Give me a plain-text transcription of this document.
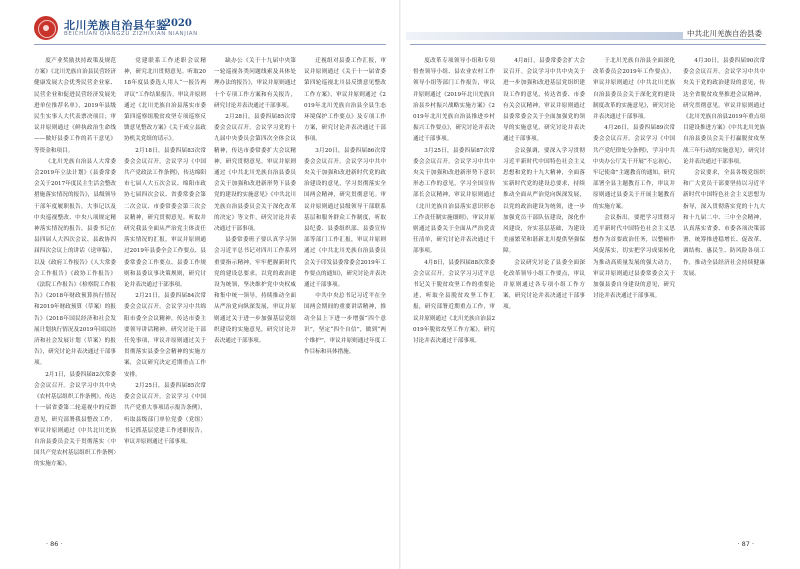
北川羌族自治县年鉴
2020
BEICHUAN QIANGZU ZIZHIXIAN NIANJIAN	中共北川羌族自治县委

度产业奖励扶持政策及规范方案》《北川羌族自治县民营经济健康发展大会优秀民营企业家、民营企业和促进民营经济发展先进单位推荐名单》，2019年县级民生实事人大代表票决项目；审议并原则通过《鲜执政治生命线——做好县委工作的若干意见》等资金和项目。

《北川羌族自治县人大常委会2019年立法计划》《县委常委会关于2017年度民主生活会整改措施落实情况的报告》，县级领导干部年度履职报告，大事记以及中央巡视整改、中央八项规定精神落实情况的报告，县委书记在县四届人大四次会议、县政协四届四次会议上的讲话（送审稿），以及《政府工作报告》《人大常委会工作报告》《政协工作报告》《法院工作报告》《检察院工作报告》《2018年财政预算执行情况和2019年财政预算（草案）的报告》《2018年国民经济和社会发展计划执行情况及2019年国民经济和社会发展计划（草案）的报告》，研究讨论并表决通过干部事项。

2月1日，县委四届82次常委会会议召开。会议学习中共中央《农村基层组织工作条例》，传达十一届省委第二轮巡视中的反馈意见，研究部署我县整改工作，审议并原则通过《中共北川羌族自治县委员会关于贯彻落实〈中国共产党农村基层组织工作条例〉的实施方案》。

党建联系工作述职会议精神，研究北川贯彻意见。听取2018年度县委选人用人“一报告两评议”工作结果报告。审议并原则通过《北川羌族自治县落实市委第四巡察组脱贫攻坚专项巡察反馈意见整改方案》《关于成立县政协机关党组的请示》。

2月18日，县委四届83次常委会会议召开。会议学习《中国共产党政法工作条例》，传达绵阳市七届人大五次会议、绵阳市政协七届四次会议、省委常委会第二次会议、市委常委会第三次会议精神，研究贯彻意见。听取并研究我县全面从严治党主体责任落实情况的汇报，审议并原则通过2019年县委全会工作要点、县委常委会工作要点、县委工作规则和县委议事决策规则，研究讨论并表决通过干部事项。

2月21日，县委四届84次常委会会议召开。会议学习中共绵阳市委全会议精神，传达市委主要领导讲话精神，研究讨论干部任免事项，审议并原则通过关于贯彻落实县委全会精神的实施方案，会议研究决定近期重点工作安排。

2月25日，县委四届85次常委会会议召开。会议学习《中国共产党重大事项请示报告条例》，听取县级部门单位党委（党组）书记抓基层党建工作述职报告，审议并原则通过干部事项。

缺办公《关于十九届中央第一轮巡视各类问题线索及具体处理办法的报告》，审议并原则通过十个专项工作方案和有关报告，研究讨论并表决通过干部事项。

2月28日，县委四届85次常委会会议召开。会议学习党的十九届中央委员会第四次全体会议精神，传达市委常委扩大会议精神，研究贯彻意见。审议并原则通过《中共北川羌族自治县委员会关于加强和改进新形势下县委党的建设的实施意见》《中共北川羌族自治县委员会关于深化改革的决定》等文件，研究讨论并表决通过干部事项。

县委常委班子要认真学习领会习近平总书记对四川工作系列重要指示精神，牢牢把握新时代党的建设总要求，以党的政治建设为统领，坚决维护党中央权威和集中统一领导，持续推动全面从严治党向纵深发展，审议并原则通过关于进一步加强基层党组织建设的实施意见，研究讨论并表决通过干部事项。

迁视组对县委工作汇报，审议并原则通过《关于十一届省委第四轮巡视北川县反馈意见整改工作方案》，审议并原则通过《2019年北川羌族自治县全县生态环境保护工作要点》及专项工作方案，研究讨论并表决通过干部事项。

3月20日，县委四届86次常委会会议召开。会议学习中共中央关于加强和改进新时代党的政治建设的意见，学习贯彻落实全国两会精神，研究贯彻意见。审议并原则通过县级领导干部联系基层和服务群众工作制度，听取县纪委、县委组织部、县委宣传部等部门工作汇报，审议并原则通过《中共北川羌族自治县委员会关于印发县委常委会2019年工作要点的通知》，研究讨论并表决通过干部事项。

中共中央总书记习近平在全国两会期间的重要讲话精神，推动全县上下进一步增强“四个意识”，坚定“四个自信”，做到“两个维护”，审议并原则通过年度工作目标和具体措施。

度改革专项领导小组和专项督查领导小组、县农业农村工作领导小组等部门工作报告，审议并原则通过《2019年北川羌族自治县乡村振兴战略实施方案》《2019年北川羌族自治县推进乡村振兴工作要点》，研究讨论并表决通过干部事项。

3月25日，县委四届87次常委会会议召开。会议学习中共中央关于加强和改进新形势下意识形态工作的意见，学习全国宣传部长会议精神，审议并原则通过《北川羌族自治县落实意识形态工作责任制实施细则》，审议并原则通过县委关于全面从严治党责任清单，研究讨论并表决通过干部事项。

4月8日，县委四届88次常委会会议召开。会议学习习近平总书记关于脱贫攻坚工作的重要论述，听取全县脱贫攻坚工作汇报，研究部署近期重点工作，审议并原则通过《北川羌族自治县2019年脱贫攻坚工作方案》，研究讨论并表决通过干部事项。

4月8日，县委常委会扩大会议召开。会议学习中共中央关于进一步加强和改进基层党组织建设工作的意见，传达省委、市委有关会议精神，审议并原则通过县委常委会关于全面加强党的领导的实施意见，研究讨论并表决通过干部事项。

会议强调，要深入学习贯彻习近平新时代中国特色社会主义思想和党的十九大精神，全面落实新时代党的建设总要求，持续推动全面从严治党向纵深发展，以党的政治建设为统领，进一步加强党员干部队伍建设，深化作风建设，夯实基层基础，为建设美丽繁荣和谐新北川提供坚强保障。

会议研究讨论了县委全面深化改革领导小组工作要点，审议并原则通过各专项小组工作方案，研究讨论并表决通过干部事项。

于北川羌族自治县全面深化改革委员会2019年工作要点》，审议并原则通过《中共北川羌族自治县委员会关于深化党的建设制度改革的实施意见》，研究讨论并表决通过干部事项。

4月26日，县委四届89次常委会会议召开。会议学习《中国共产党纪律处分条例》，学习中共中央办公厅关于开展“不忘初心、牢记使命”主题教育的通知，研究部署全县主题教育工作，审议并原则通过县委关于开展主题教育的实施方案。

会议指出，要把学习贯彻习近平新时代中国特色社会主义思想作为首要政治任务，以整顿作风促落实，切实把学习成果转化为推动高质量发展的强大动力，审议并原则通过县委常委会关于加强县委自身建设的意见，研究讨论并表决通过干部事项。

4月30日，县委四届90次常委会会议召开。会议学习中共中央关于党的政治建设的意见，传达全省脱贫攻坚推进会议精神，研究贯彻意见。审议并原则通过《北川羌族自治县2019年重点项目建设推进方案》《中共北川羌族自治县委员会关于打赢脱贫攻坚战三年行动的实施意见》，研究讨论并表决通过干部事项。

会议要求，全县各级党组织和广大党员干部要坚持以习近平新时代中国特色社会主义思想为指导，深入贯彻落实党的十九大和十九届二中、三中全会精神，认真落实省委、市委各项决策部署，统筹推进稳增长、促改革、调结构、惠民生、防风险各项工作，推动全县经济社会持续健康发展。

· 86 ·	· 87 ·
